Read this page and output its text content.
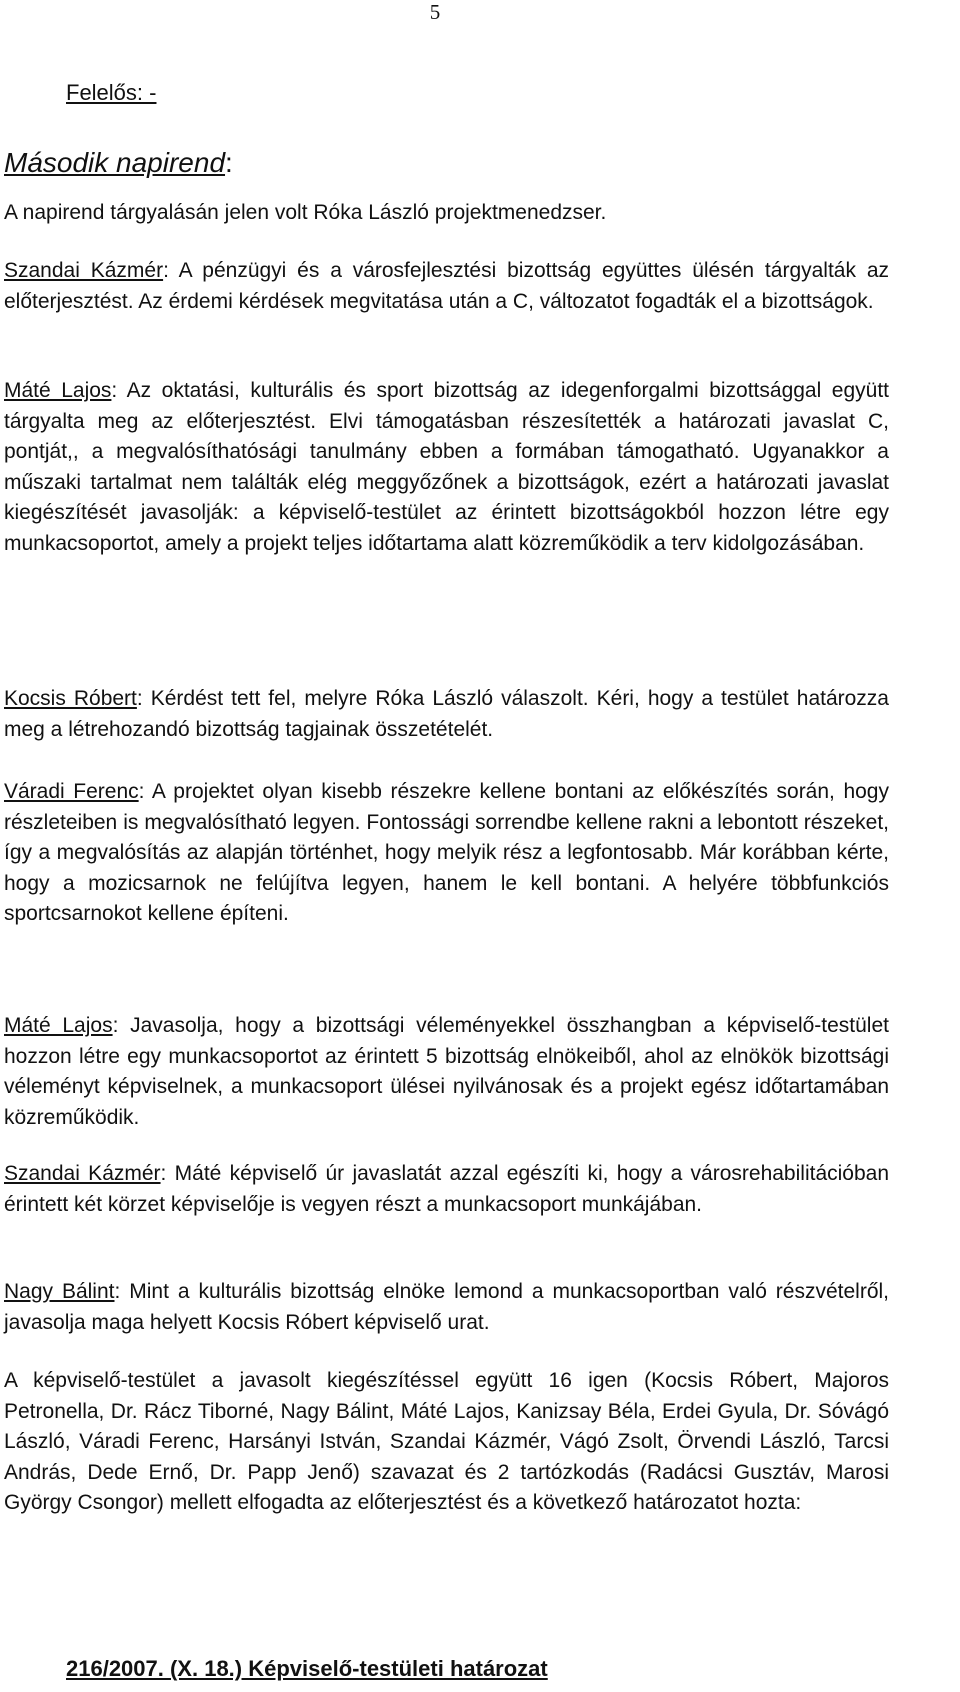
5
Felelős: -
Második napirend:

A napirend tárgyalásán jelen volt Róka László projektmenedzser.

Szandai Kázmér: A pénzügyi és a városfejlesztési bizottság együttes ülésén tárgyalták az előterjesztést. Az érdemi kérdések megvitatása után a C, változatot fogadták el a bizottságok.

Máté Lajos: Az oktatási, kulturális és sport bizottság az idegenforgalmi bizottsággal együtt tárgyalta meg az előterjesztést. Elvi támogatásban részesítették a határozati javaslat C, pontját,, a megvalósíthatósági tanulmány ebben a formában támogatható. Ugyanakkor a műszaki tartalmat nem találták elég meggyőzőnek a bizottságok, ezért a határozati javaslat kiegészítését javasolják: a képviselő-testület az érintett bizottságokból hozzon létre egy munkacsoportot, amely a projekt teljes időtartama alatt közreműködik a terv kidolgozásában.

Kocsis Róbert: Kérdést tett fel, melyre Róka László válaszolt. Kéri, hogy a testület határozza meg a létrehozandó bizottság tagjainak összetételét.

Váradi Ferenc: A projektet olyan kisebb részekre kellene bontani az előkészítés során, hogy részleteiben is megvalósítható legyen. Fontossági sorrendbe kellene rakni a lebontott részeket, így a megvalósítás az alapján történhet, hogy melyik rész a legfontosabb. Már korábban kérte, hogy a mozicsarnok ne felújítva legyen, hanem le kell bontani. A helyére többfunkciós sportcsarnokot kellene építeni.

Máté Lajos: Javasolja, hogy a bizottsági véleményekkel összhangban a képviselő-testület hozzon létre egy munkacsoportot az érintett 5 bizottság elnökeiből, ahol az elnökök bizottsági véleményt képviselnek, a munkacsoport ülései nyilvánosak és a projekt egész időtartamában közreműködik.

Szandai Kázmér: Máté képviselő úr javaslatát azzal egészíti ki, hogy a városrehabilitációban érintett két körzet képviselője is vegyen részt a munkacsoport munkájában.

Nagy Bálint: Mint a kulturális bizottság elnöke lemond a munkacsoportban való részvételről, javasolja maga helyett Kocsis Róbert képviselő urat.

A képviselő-testület a javasolt kiegészítéssel együtt 16 igen (Kocsis Róbert, Majoros Petronella, Dr. Rácz Tiborné, Nagy Bálint, Máté Lajos, Kanizsay Béla, Erdei Gyula, Dr. Sóvágó László, Váradi Ferenc, Harsányi István, Szandai Kázmér, Vágó Zsolt, Örvendi László, Tarcsi András, Dede Ernő, Dr. Papp Jenő) szavazat és 2 tartózkodás (Radácsi Gusztáv, Marosi György Csongor) mellett elfogadta az előterjesztést és a következő határozatot hozta:

216/2007. (X. 18.) Képviselő-testületi határozat
